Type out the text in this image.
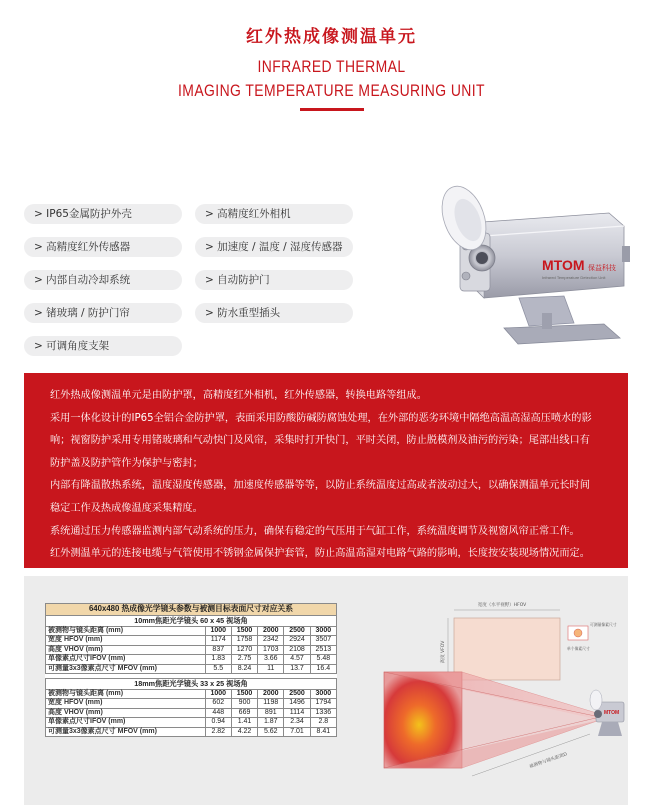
红外热成像测温单元
INFRARED THERMAL
IMAGING TEMPERATURE MEASURING UNIT
> IP65金属防护外壳	> 高精度红外相机
> 高精度红外传感器	> 加速度 / 温度 / 湿度传感器
> 内部自动冷却系统	> 自动防护门
> 锗玻璃 / 防护门帘	> 防水重型插头
> 可调角度支架
MTOM 保益科技
Infrared Temperature Detection Unit

红外热成像测温单元是由防护罩，高精度红外相机，红外传感器，转换电路等组成。

采用一体化设计的IP65全铝合金防护罩，表面采用防酸防碱防腐蚀处理，在外部的恶劣环境中隔绝高温高湿高压喷水的影

响；视窗防护采用专用锗玻璃和气动快门及风帘，采集时打开快门，平时关闭，防止脱模剂及油污的污染；尾部出线口有

防护盖及防护管作为保护与密封；

内部有降温散热系统，温度湿度传感器，加速度传感器等等，以防止系统温度过高或者波动过大，以确保测温单元长时间

稳定工作及热成像温度采集精度。

系统通过压力传感器监测内部气动系统的压力，确保有稳定的气压用于气缸工作，系统温度调节及视窗风帘正常工作。

红外测温单元的连接电缆与气管使用不锈钢金属保护套管，防止高温高湿对电路气路的影响，长度按安装现场情况而定。

640x480 热成像光学镜头参数与被测目标表面尺寸对应关系					
10mm焦距光学镜头 60 x 45 视场角					
被测物与镜头距离 (mm)	1000	1500	2000	2500	3000
宽度 HFOV (mm)	1174	1758	2342	2924	3507
高度 VHOV (mm)	837	1270	1703	2108	2513
单像素点尺寸IFOV (mm)	1.83	2.75	3.66	4.57	5.48
可测量3x3像素点尺寸 MFOV (mm)	5.5	8.24	11	13.7	16.4

18mm焦距光学镜头 33 x 25 视场角					
被测物与镜头距离 (mm)	1000	1500	2000	2500	3000
宽度 HFOV (mm)	602	900	1198	1496	1794
高度 VHOV (mm)	448	669	891	1114	1336
单像素点尺寸IFOV (mm)	0.94	1.41	1.87	2.34	2.8
可测量3x3像素点尺寸 MFOV (mm)	2.82	4.22	5.62	7.01	8.41
宽度（水平视野）HFOV
高度 VFOV
可测量像素尺寸
单个像素尺寸
被测物与镜头距离D
MTOM
